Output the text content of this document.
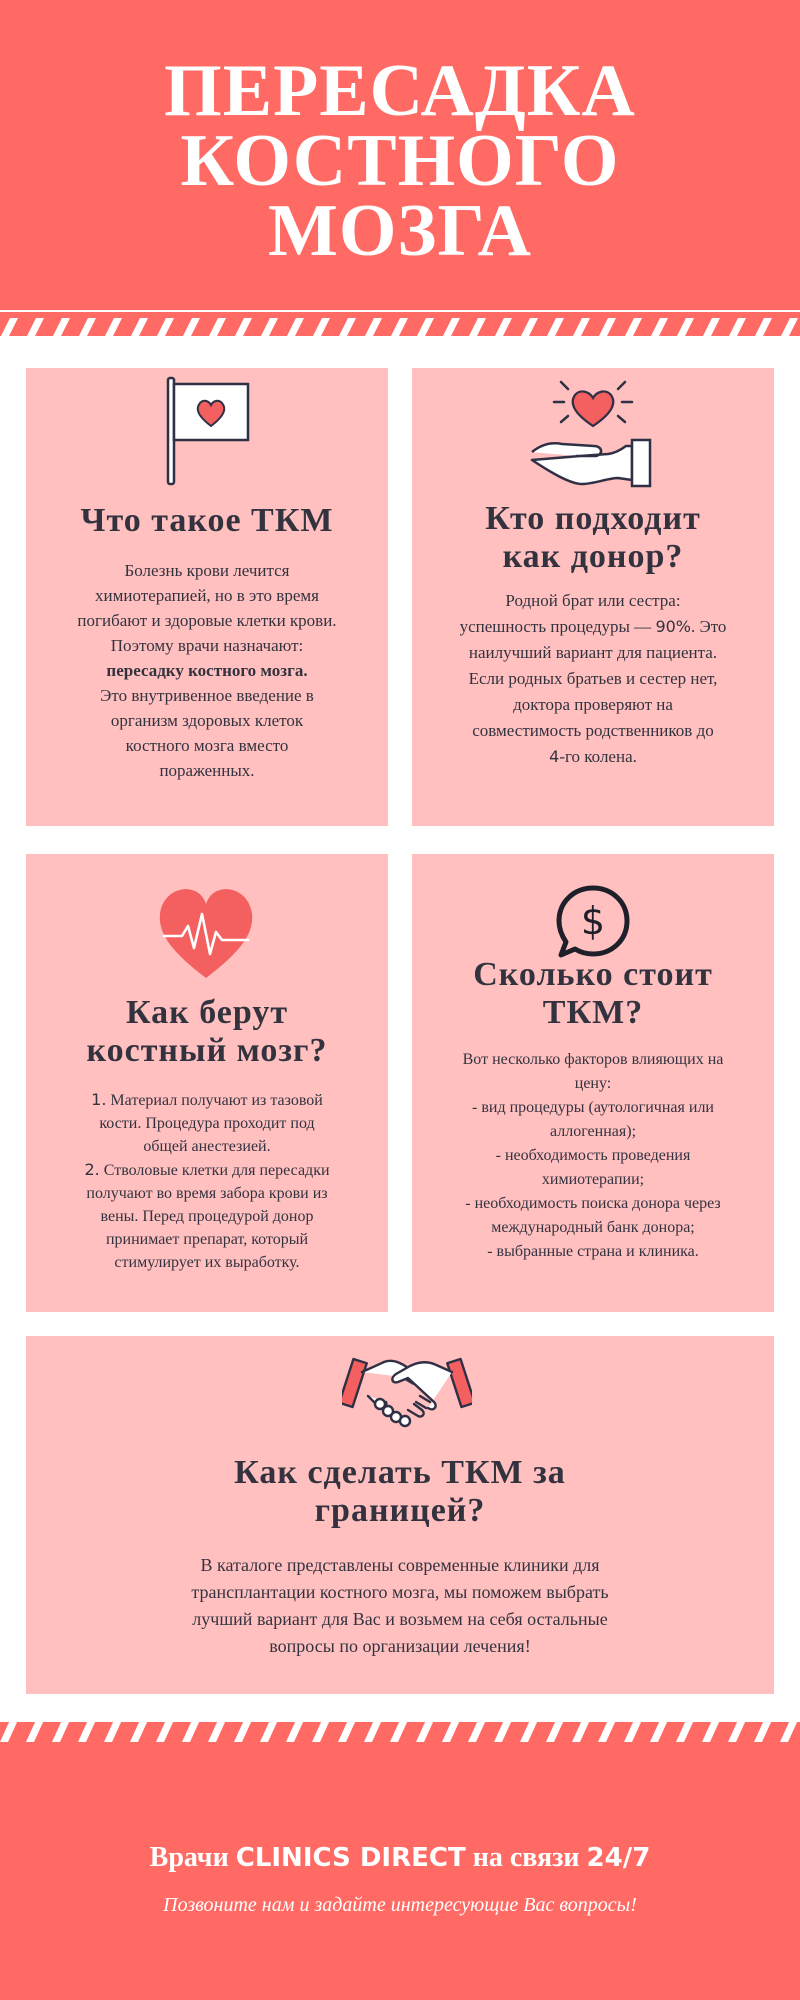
ПЕРЕСАДКА
КОСТНОГО
МОЗГА
Что такое ТКМ
Болезнь крови лечится
химиотерапией, но в это время
погибают и здоровые клетки крови.
Поэтому врачи назначают:
пересадку костного мозга.
Это внутривенное введение в
организм здоровых клеток
костного мозга вместо
пораженных.
Кто подходит
как донор?
Родной брат или сестра:
успешность процедуры — 90%. Это
наилучший вариант для пациента.
Если родных братьев и сестер нет,
доктора проверяют на
совместимость родственников до
4-го колена.
Как берут
костный мозг?
1. Материал получают из тазовой
кости. Процедура проходит под
общей анестезией.
2. Стволовые клетки для пересадки
получают во время забора крови из
вены. Перед процедурой донор
принимает препарат, который
стимулирует их выработку.
$
Сколько стоит
ТКМ?
Вот несколько факторов влияющих на
цену:
- вид процедуры (аутологичная или
аллогенная);
- необходимость проведения
химиотерапии;
- необходимость поиска донора через
международный банк донора;
- выбранные страна и клиника.
Как сделать ТКМ за
границей?
В каталоге представлены современные клиники для
трансплантации костного мозга, мы поможем выбрать
лучший вариант для Вас и возьмем на себя остальные
вопросы по организации лечения!
Врачи CLINICS DIRECT на связи 24/7
Позвоните нам и задайте интересующие Вас вопросы!
